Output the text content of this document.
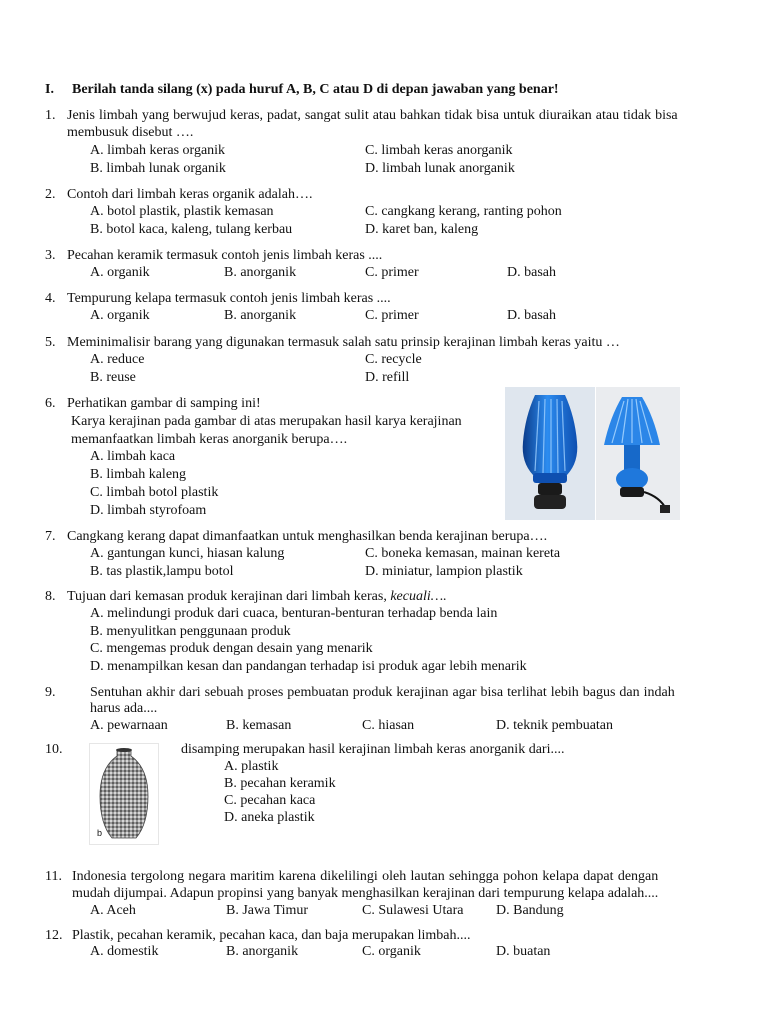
I. Berilah tanda silang (x) pada huruf A, B, C atau D di depan jawaban yang benar!
1. Jenis limbah yang berwujud keras, padat, sangat sulit atau bahkan tidak bisa untuk diuraikan atau tidak bisa
membusuk disebut ….
A. limbah keras organik
B. limbah lunak organik
C. limbah keras anorganik
D. limbah lunak anorganik
2. Contoh dari limbah keras organik adalah….
A. botol plastik, plastik kemasan
B. botol kaca, kaleng, tulang kerbau
C. cangkang kerang, ranting pohon
D. karet ban, kaleng
3. Pecahan keramik termasuk contoh jenis limbah keras ....
A. organik	B. anorganik	C. primer	D. basah
4. Tempurung kelapa termasuk contoh jenis limbah keras ....
A. organik	B. anorganik	C. primer	D. basah
5. Meminimalisir barang yang digunakan termasuk salah satu prinsip kerajinan limbah keras yaitu …
A. reduce
B. reuse
C. recycle
D. refill
6. Perhatikan gambar di samping ini!
Karya kerajinan pada gambar di atas merupakan hasil karya kerajinan
memanfaatkan limbah keras anorganik berupa….
A. limbah kaca
B. limbah kaleng
C. limbah botol plastik
D. limbah styrofoam
7. Cangkang kerang dapat dimanfaatkan untuk menghasilkan benda kerajinan berupa….
A. gantungan kunci, hiasan kalung
B. tas plastik,lampu botol
C. boneka kemasan, mainan kereta
D. miniatur, lampion plastik
8. Tujuan dari kemasan produk kerajinan dari limbah keras, kecuali….
A. melindungi produk dari cuaca, benturan-benturan terhadap benda lain
B. menyulitkan penggunaan produk
C. mengemas produk dengan desain yang menarik
D. menampilkan kesan dan pandangan terhadap isi produk agar lebih menarik
9. Sentuhan akhir dari sebuah proses pembuatan produk kerajinan agar bisa terlihat lebih bagus dan indah
harus ada....
A. pewarnaan	B. kemasan	C. hiasan	D. teknik pembuatan
10.
b
disamping merupakan hasil kerajinan limbah keras anorganik dari....
A. plastik
B. pecahan keramik
C. pecahan kaca
D. aneka plastik
11. Indonesia tergolong negara maritim karena dikelilingi oleh lautan sehingga pohon kelapa dapat dengan
mudah dijumpai. Adapun propinsi yang banyak menghasilkan kerajinan dari tempurung kelapa adalah....
A. Aceh	B. Jawa Timur	C. Sulawesi Utara D. Bandung
12. Plastik, pecahan keramik, pecahan kaca, dan baja merupakan limbah....
A. domestik	B. anorganik	C. organik	D. buatan
